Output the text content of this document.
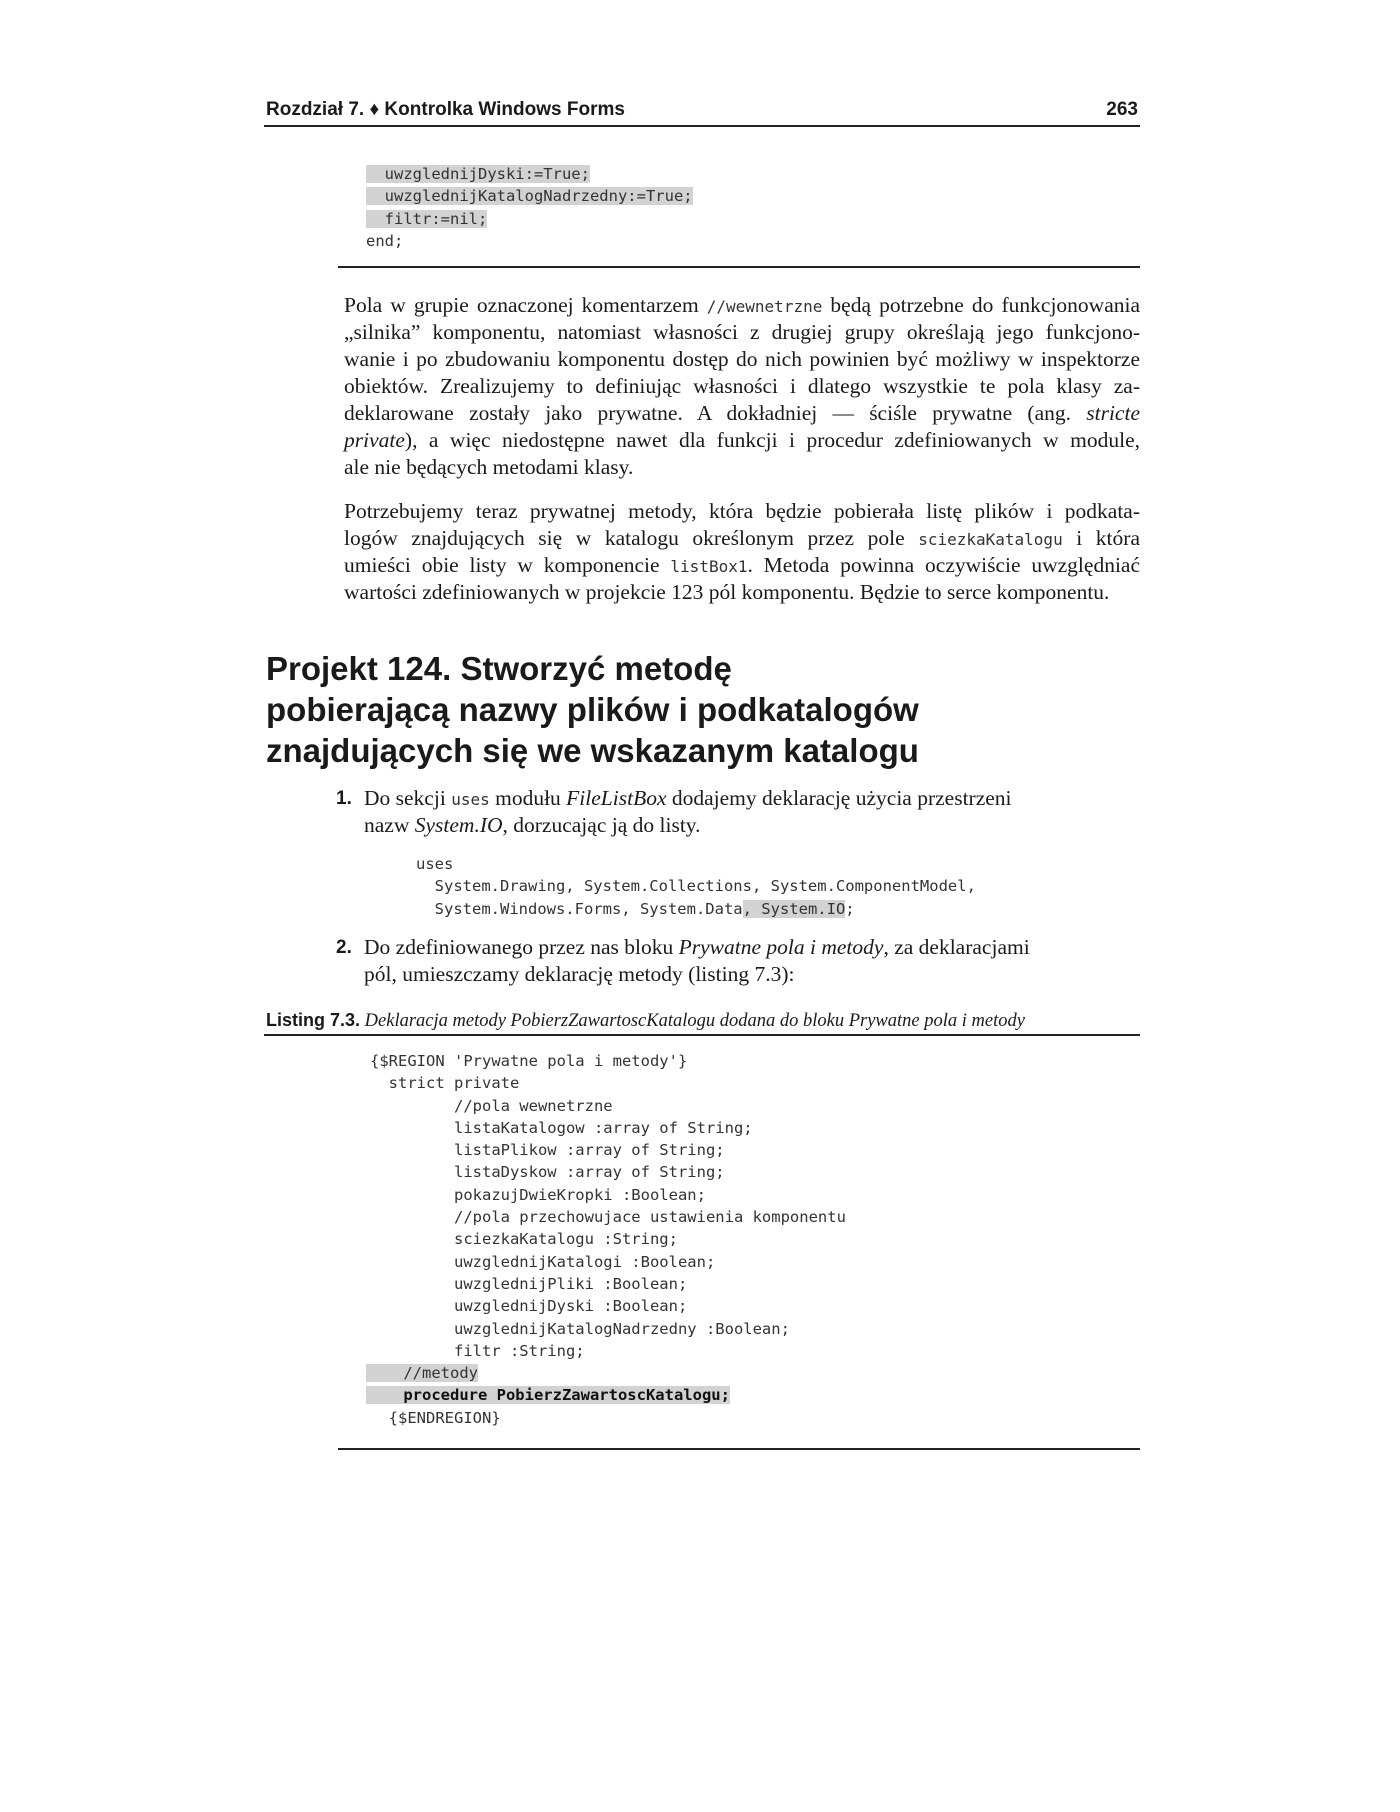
Rozdział 7. ♦ Kontrolka Windows Forms	263
uwzglednijDyski:=True;
uwzglednijKatalogNadrzedny:=True;
filtr:=nil;
end;
Pola w grupie oznaczonej komentarzem //wewnetrzne będą potrzebne do funkcjonowania
„silnika” komponentu, natomiast własności z drugiej grupy określają jego funkcjono-
wanie i po zbudowaniu komponentu dostęp do nich powinien być możliwy w inspektorze
obiektów. Zrealizujemy to definiując własności i dlatego wszystkie te pola klasy za-
deklarowane zostały jako prywatne. A dokładniej — ściśle prywatne (ang. stricte
private), a więc niedostępne nawet dla funkcji i procedur zdefiniowanych w module,
ale nie będących metodami klasy.
Potrzebujemy teraz prywatnej metody, która będzie pobierała listę plików i podkata-
logów znajdujących się w katalogu określonym przez pole sciezkaKatalogu i która
umieści obie listy w komponencie listBox1. Metoda powinna oczywiście uwzględniać
wartości zdefiniowanych w projekcie 123 pól komponentu. Będzie to serce komponentu.
Projekt 124. Stworzyć metodę
pobierającą nazwy plików i podkatalogów
znajdujących się we wskazanym katalogu
1. Do sekcji uses modułu FileListBox dodajemy deklarację użycia przestrzeni
nazw System.IO, dorzucając ją do listy.
uses
System.Drawing, System.Collections, System.ComponentModel,
System.Windows.Forms, System.Data, System.IO;
2. Do zdefiniowanego przez nas bloku Prywatne pola i metody, za deklaracjami
pól, umieszczamy deklarację metody (listing 7.3):
Listing 7.3. Deklaracja metody PobierzZawartoscKatalogu dodana do bloku Prywatne pola i metody
{$REGION 'Prywatne pola i metody'}
strict private
//pola wewnetrzne
listaKatalogow :array of String;
listaPlikow :array of String;
listaDyskow :array of String;
pokazujDwieKropki :Boolean;
//pola przechowujace ustawienia komponentu
sciezkaKatalogu :String;
uwzglednijKatalogi :Boolean;
uwzglednijPliki :Boolean;
uwzglednijDyski :Boolean;
uwzglednijKatalogNadrzedny :Boolean;
filtr :String;
//metody
procedure PobierzZawartoscKatalogu;
{$ENDREGION}
